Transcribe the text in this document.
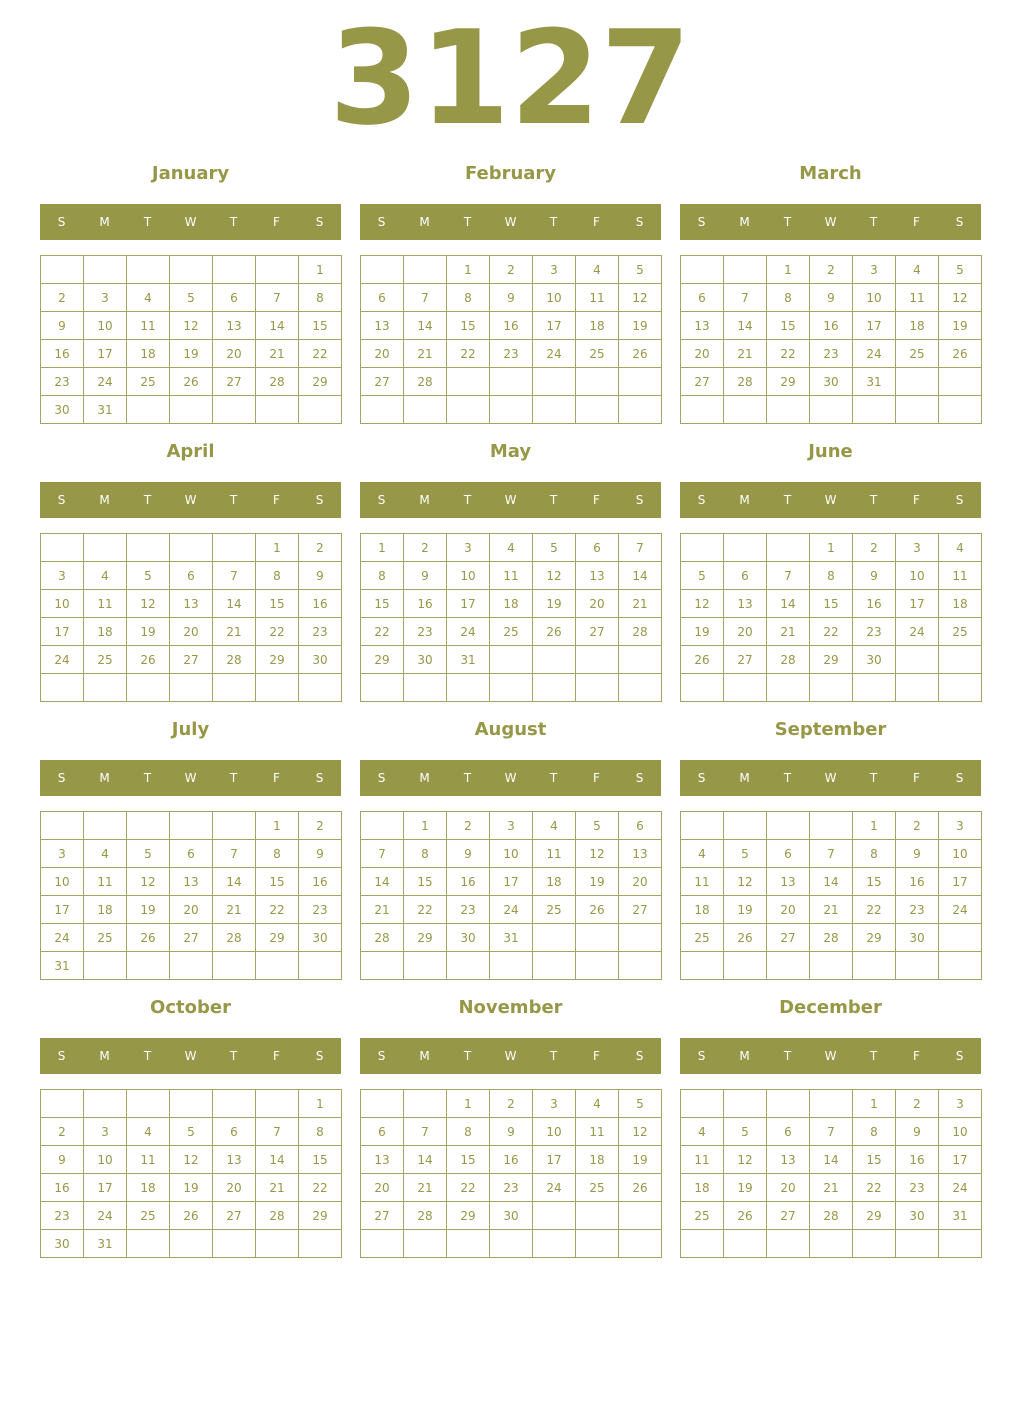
3127
January
S	M	T	W	T	F	S
						1
2	3	4	5	6	7	8
9	10	11	12	13	14	15
16	17	18	19	20	21	22
23	24	25	26	27	28	29
30	31					
February
S	M	T	W	T	F	S
		1	2	3	4	5
6	7	8	9	10	11	12
13	14	15	16	17	18	19
20	21	22	23	24	25	26
27	28					

March
S	M	T	W	T	F	S
		1	2	3	4	5
6	7	8	9	10	11	12
13	14	15	16	17	18	19
20	21	22	23	24	25	26
27	28	29	30	31		

April
S	M	T	W	T	F	S
					1	2
3	4	5	6	7	8	9
10	11	12	13	14	15	16
17	18	19	20	21	22	23
24	25	26	27	28	29	30

May
S	M	T	W	T	F	S
1	2	3	4	5	6	7
8	9	10	11	12	13	14
15	16	17	18	19	20	21
22	23	24	25	26	27	28
29	30	31				

June
S	M	T	W	T	F	S
			1	2	3	4
5	6	7	8	9	10	11
12	13	14	15	16	17	18
19	20	21	22	23	24	25
26	27	28	29	30		

July
S	M	T	W	T	F	S
					1	2
3	4	5	6	7	8	9
10	11	12	13	14	15	16
17	18	19	20	21	22	23
24	25	26	27	28	29	30
31						
August
S	M	T	W	T	F	S
	1	2	3	4	5	6
7	8	9	10	11	12	13
14	15	16	17	18	19	20
21	22	23	24	25	26	27
28	29	30	31			

September
S	M	T	W	T	F	S
				1	2	3
4	5	6	7	8	9	10
11	12	13	14	15	16	17
18	19	20	21	22	23	24
25	26	27	28	29	30	

October
S	M	T	W	T	F	S
						1
2	3	4	5	6	7	8
9	10	11	12	13	14	15
16	17	18	19	20	21	22
23	24	25	26	27	28	29
30	31					
November
S	M	T	W	T	F	S
		1	2	3	4	5
6	7	8	9	10	11	12
13	14	15	16	17	18	19
20	21	22	23	24	25	26
27	28	29	30			

December
S	M	T	W	T	F	S
				1	2	3
4	5	6	7	8	9	10
11	12	13	14	15	16	17
18	19	20	21	22	23	24
25	26	27	28	29	30	31
